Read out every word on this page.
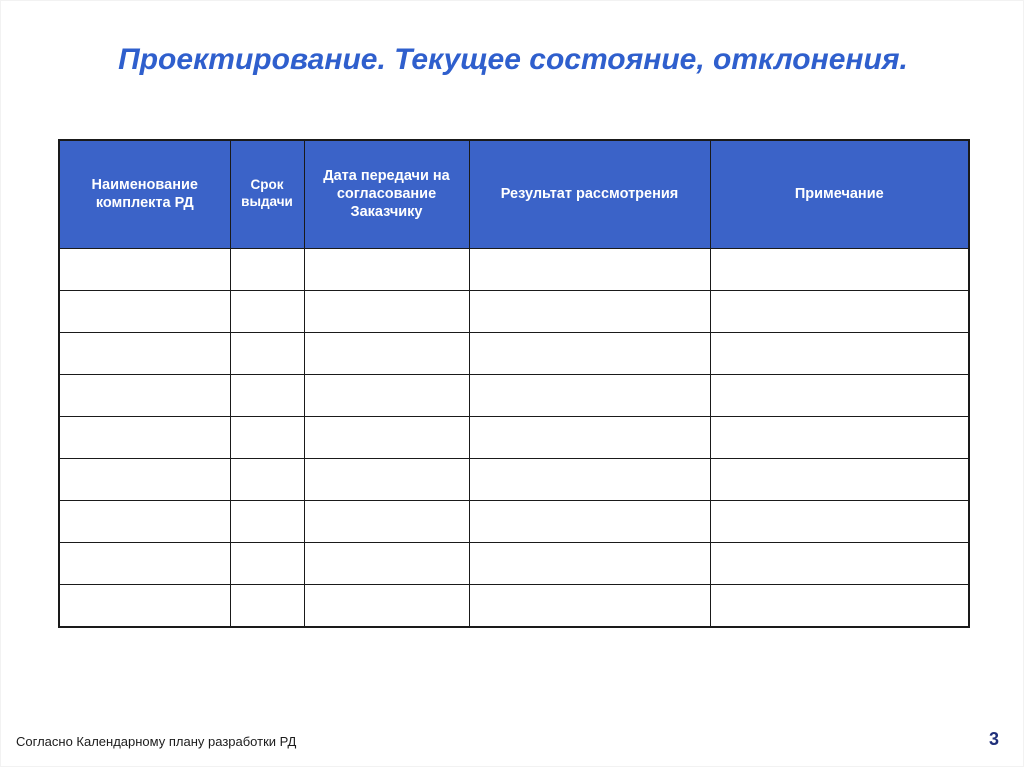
Проектирование. Текущее состояние, отклонения.
Наименование комплекта РД	Срок выдачи	Дата передачи на согласование Заказчику	Результат рассмотрения	Примечание

Согласно Календарному плану разработки РД	3
